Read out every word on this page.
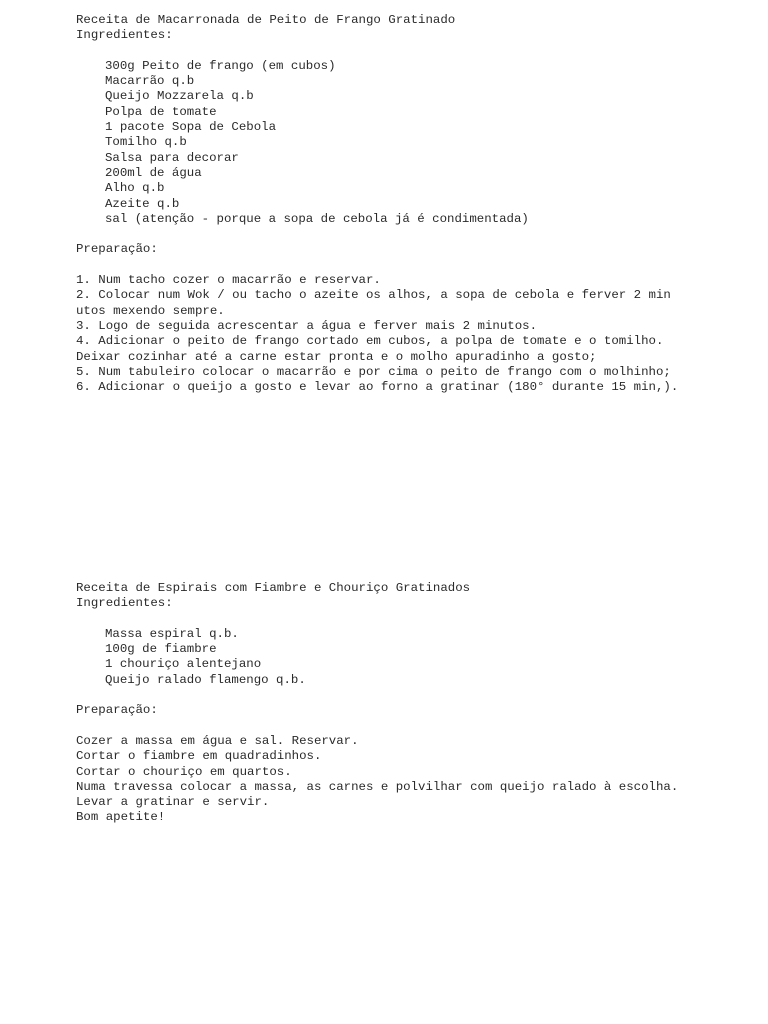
Receita de Macarronada de Peito de Frango Gratinado
Ingredientes:
300g Peito de frango (em cubos)
Macarrão q.b
Queijo Mozzarela q.b
Polpa de tomate
1 pacote Sopa de Cebola
Tomilho q.b
Salsa para decorar
200ml de água
Alho q.b
Azeite q.b
sal (atenção - porque a sopa de cebola já é condimentada)
Preparação:
1. Num tacho cozer o macarrão e reservar.
2. Colocar num Wok / ou tacho o azeite os alhos, a sopa de cebola e ferver 2 min
utos mexendo sempre.
3. Logo de seguida acrescentar a água e ferver mais 2 minutos.
4. Adicionar o peito de frango cortado em cubos, a polpa de tomate e o tomilho.
Deixar cozinhar até a carne estar pronta e o molho apuradinho a gosto;
5. Num tabuleiro colocar o macarrão e por cima o peito de frango com o molhinho;
6. Adicionar o queijo a gosto e levar ao forno a gratinar (180° durante 15 min,).
Receita de Espirais com Fiambre e Chouriço Gratinados
Ingredientes:
Massa espiral q.b.
100g de fiambre
1 chouriço alentejano
Queijo ralado flamengo q.b.
Preparação:
Cozer a massa em água e sal. Reservar.
Cortar o fiambre em quadradinhos.
Cortar o chouriço em quartos.
Numa travessa colocar a massa, as carnes e polvilhar com queijo ralado à escolha.
Levar a gratinar e servir.
Bom apetite!
